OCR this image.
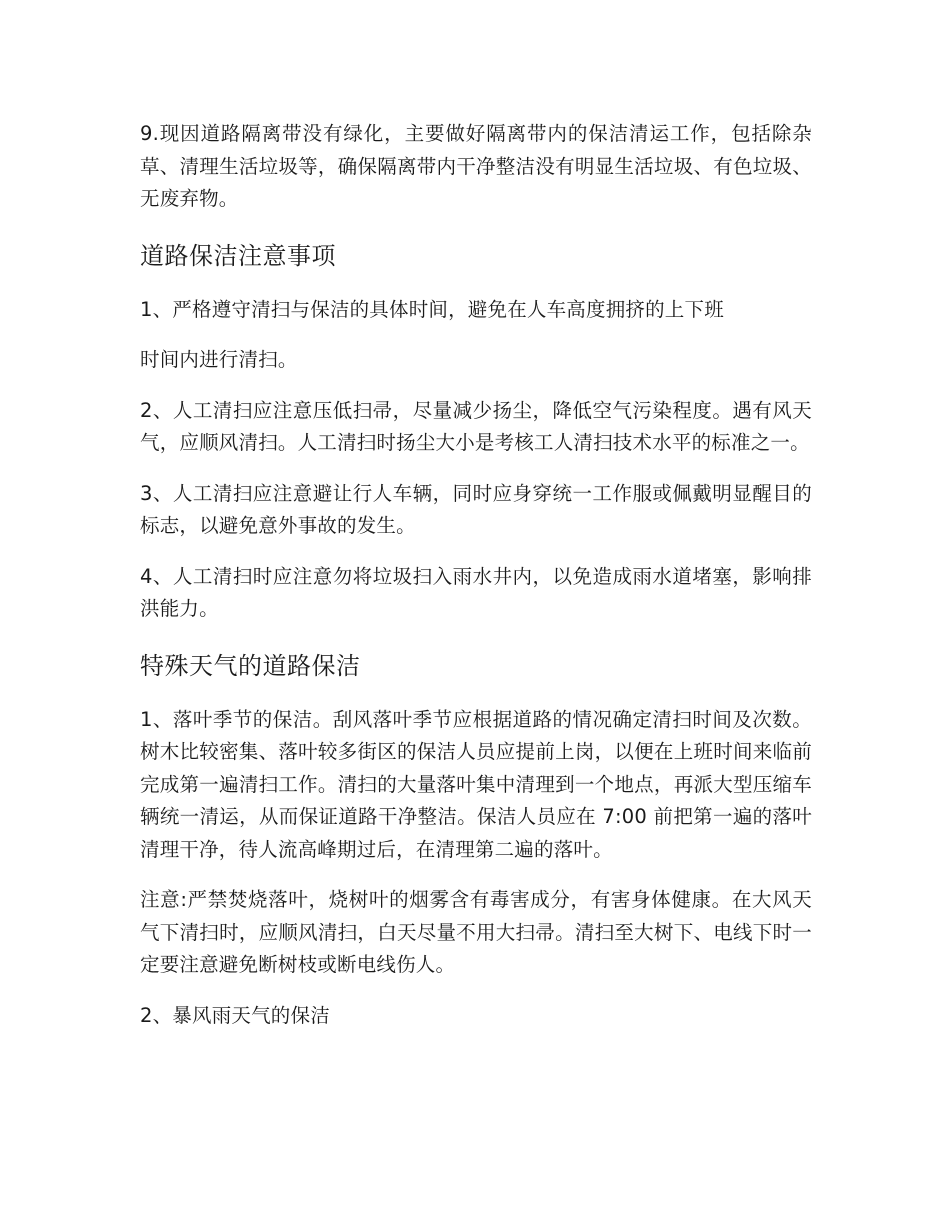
9.现因道路隔离带没有绿化，主要做好隔离带内的保洁清运工作，包括除杂草、清理生活垃圾等，确保隔离带内干净整洁没有明显生活垃圾、有色垃圾、无废弃物。

道路保洁注意事项

1、严格遵守清扫与保洁的具体时间，避免在人车高度拥挤的上下班

时间内进行清扫。

2、人工清扫应注意压低扫帚，尽量减少扬尘，降低空气污染程度。遇有风天气，应顺风清扫。人工清扫时扬尘大小是考核工人清扫技术水平的标准之一。

3、人工清扫应注意避让行人车辆，同时应身穿统一工作服或佩戴明显醒目的标志，以避免意外事故的发生。

4、人工清扫时应注意勿将垃圾扫入雨水井内，以免造成雨水道堵塞，影响排洪能力。

特殊天气的道路保洁

1、落叶季节的保洁。刮风落叶季节应根据道路的情况确定清扫时间及次数。树木比较密集、落叶较多街区的保洁人员应提前上岗，以便在上班时间来临前完成第一遍清扫工作。清扫的大量落叶集中清理到一个地点，再派大型压缩车辆统一清运，从而保证道路干净整洁。保洁人员应在 7:00 前把第一遍的落叶清理干净，待人流高峰期过后，在清理第二遍的落叶。

注意:严禁焚烧落叶，烧树叶的烟雾含有毒害成分，有害身体健康。在大风天气下清扫时，应顺风清扫，白天尽量不用大扫帚。清扫至大树下、电线下时一定要注意避免断树枝或断电线伤人。

2、暴风雨天气的保洁
